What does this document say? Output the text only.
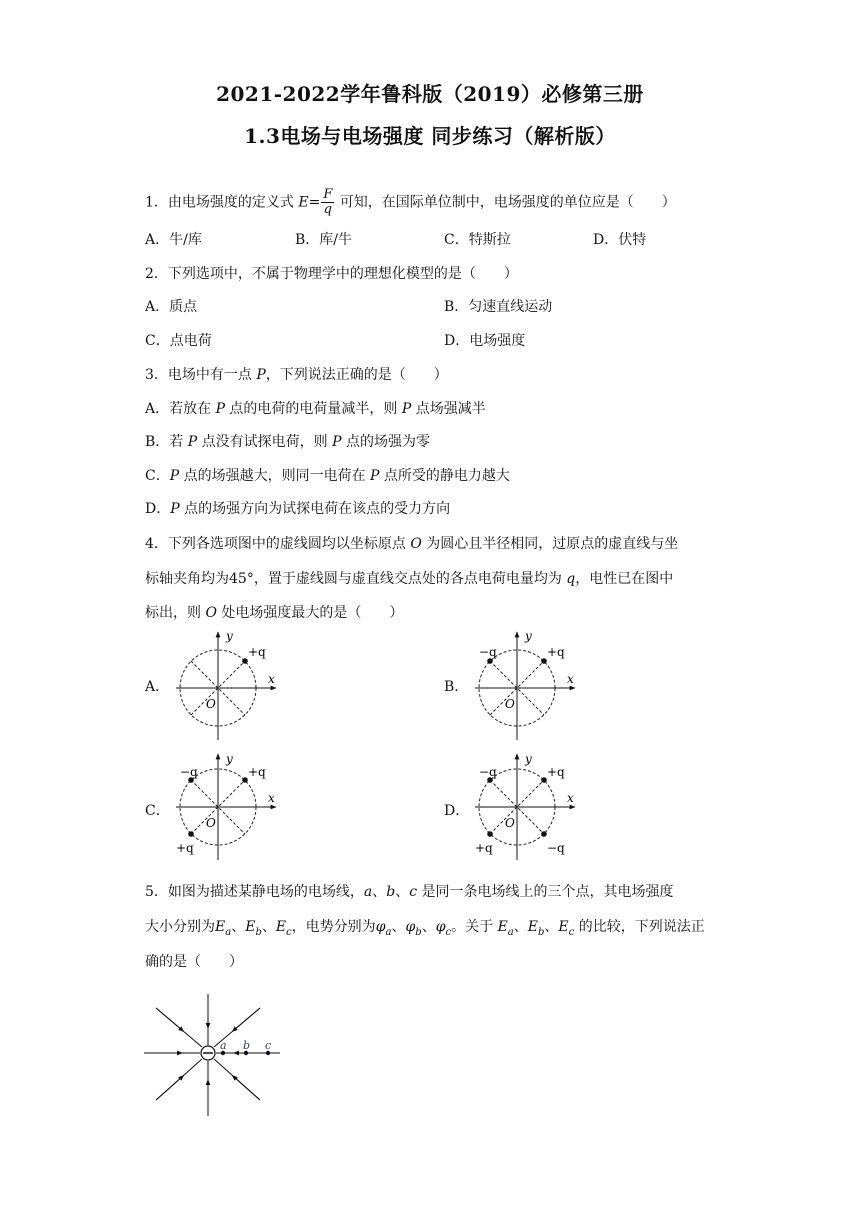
2021-2022学年鲁科版（2019）必修第三册
1.3电场与电场强度 同步练习（解析版）
1．由电场强度的定义式 $E= \frac{F}{q}$ 可知，在国际单位制中，电场强度的单位应是（　　）
A．牛/库	B．库/牛	C．特斯拉	D．伏特
2．下列选项中，不属于物理学中的理想化模型的是（　　）
A．质点	B．匀速直线运动
C．点电荷	D．电场强度
3．电场中有一点 P，下列说法正确的是（　　）
A．若放在 P 点的电荷的电荷量减半，则 P 点场强减半
B．若 P 点没有试探电荷，则 P 点的场强为零
C．P 点的场强越大，则同一电荷在 P 点所受的静电力越大
D．P 点的场强方向为试探电荷在该点的受力方向
4．下列各选项图中的虚线圆均以坐标原点 O 为圆心且半径相同，过原点的虚直线与坐
标轴夹角均为45°，置于虚线圆与虚直线交点处的各点电荷电量均为 q，电性已在图中
标出，则 O 处电场强度最大的是（　　）
A．	B．
C．	D．
y
x
O
+q
y
x
O
+q
−q
y
x
O
+q
−q
+q
y
x
O
+q
−q
+q	−q
5．如图为描述某静电场的电场线，a、b、c 是同一条电场线上的三个点，其电场强度
大小分别为$E_a$、$E_b$、$E_c$，电势分别为$\varphi_a$、$\varphi_b$、$\varphi_c$。关于 $E_a$、$E_b$、$E_c$ 的比较，下列说法正
确的是（　　）
a b c
